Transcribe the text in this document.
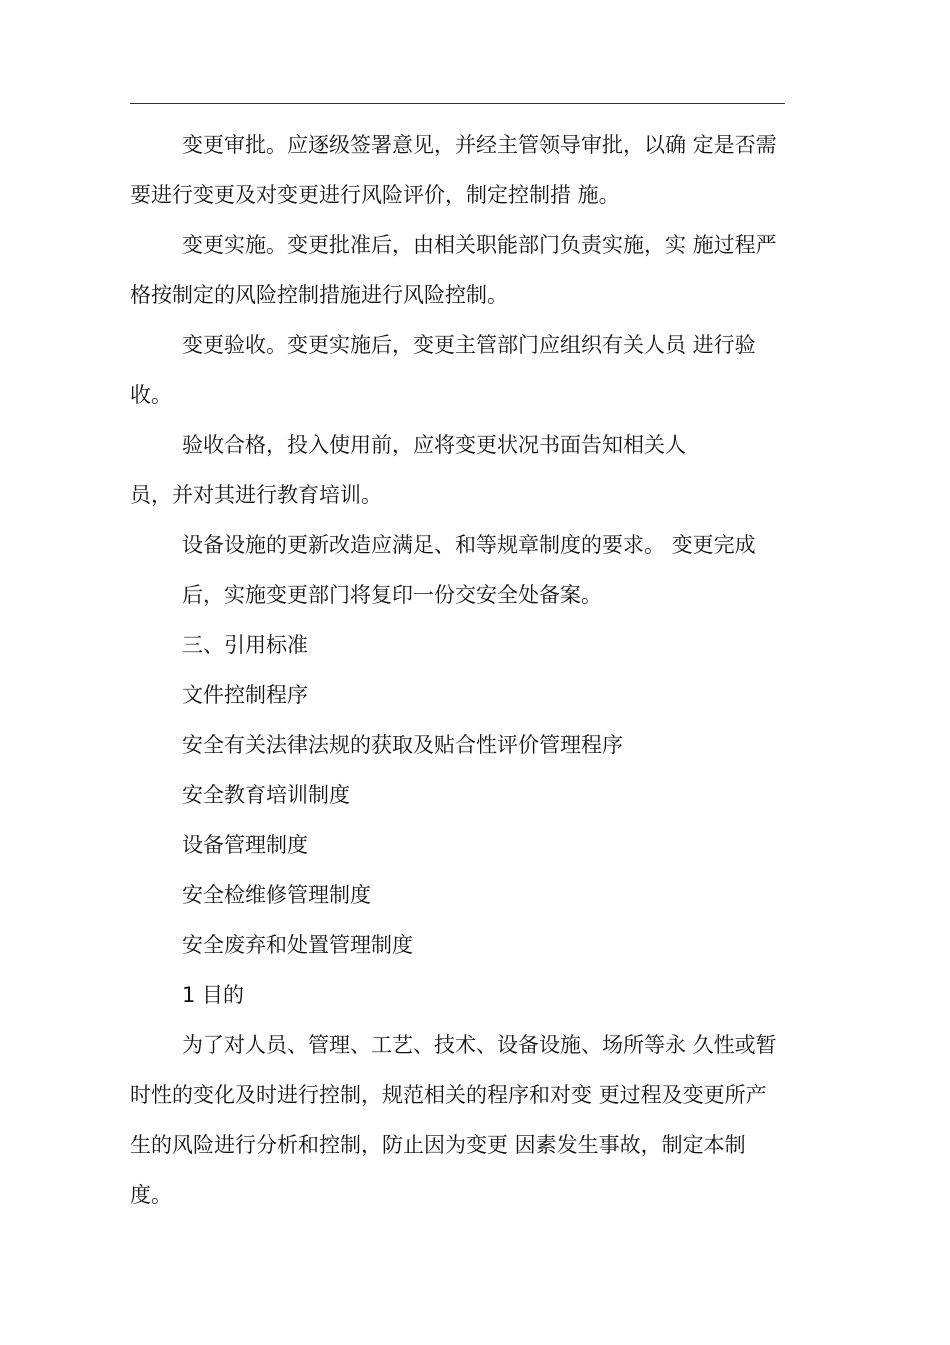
变更审批。应逐级签署意见，并经主管领导审批，以确 定是否需要进行变更及对变更进行风险评价，制定控制措 施。

变更实施。变更批准后，由相关职能部门负责实施，实 施过程严格按制定的风险控制措施进行风险控制。

变更验收。变更实施后，变更主管部门应组织有关人员 进行验收。

验收合格，投入使用前，应将变更状况书面告知相关人员，并对其进行教育培训。

设备设施的更新改造应满足、和等规章制度的要求。 变更完成后，实施变更部门将复印一份交安全处备案。

三、引用标准

文件控制程序

安全有关法律法规的获取及贴合性评价管理程序

安全教育培训制度

设备管理制度

安全检维修管理制度

安全废弃和处置管理制度

1 目的

为了对人员、管理、工艺、技术、设备设施、场所等永 久性或暂时性的变化及时进行控制，规范相关的程序和对变 更过程及变更所产生的风险进行分析和控制，防止因为变更 因素发生事故，制定本制度。
